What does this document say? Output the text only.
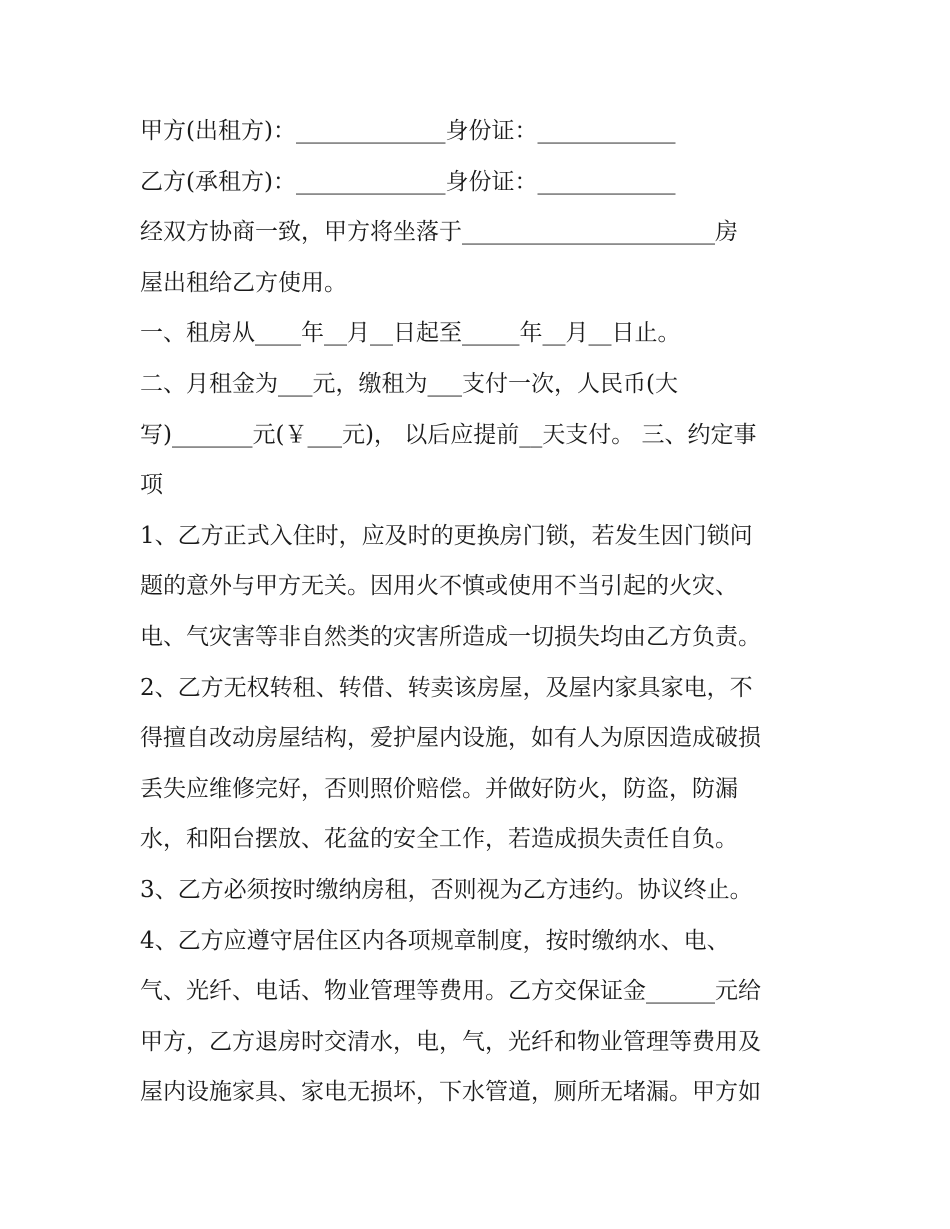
甲方(出租方)：_____________身份证：____________

乙方(承租方)：_____________身份证：____________

经双方协商一致，甲方将坐落于______________________房

屋出租给乙方使用。

一、租房从____年__月__日起至_____年__月__日止。

二、月租金为___元，缴租为___支付一次，人民币(大

写)_______元(￥___元)， 以后应提前__天支付。 三、约定事

项

1、乙方正式入住时，应及时的更换房门锁，若发生因门锁问

题的意外与甲方无关。因用火不慎或使用不当引起的火灾、

电、气灾害等非自然类的灾害所造成一切损失均由乙方负责。

2、乙方无权转租、转借、转卖该房屋，及屋内家具家电，不

得擅自改动房屋结构，爱护屋内设施，如有人为原因造成破损

丢失应维修完好，否则照价赔偿。并做好防火，防盗，防漏

水，和阳台摆放、花盆的安全工作，若造成损失责任自负。

3、乙方必须按时缴纳房租，否则视为乙方违约。协议终止。

4、乙方应遵守居住区内各项规章制度，按时缴纳水、电、

气、光纤、电话、物业管理等费用。乙方交保证金______元给

甲方，乙方退房时交清水，电，气，光纤和物业管理等费用及

屋内设施家具、家电无损坏，下水管道，厕所无堵漏。甲方如
